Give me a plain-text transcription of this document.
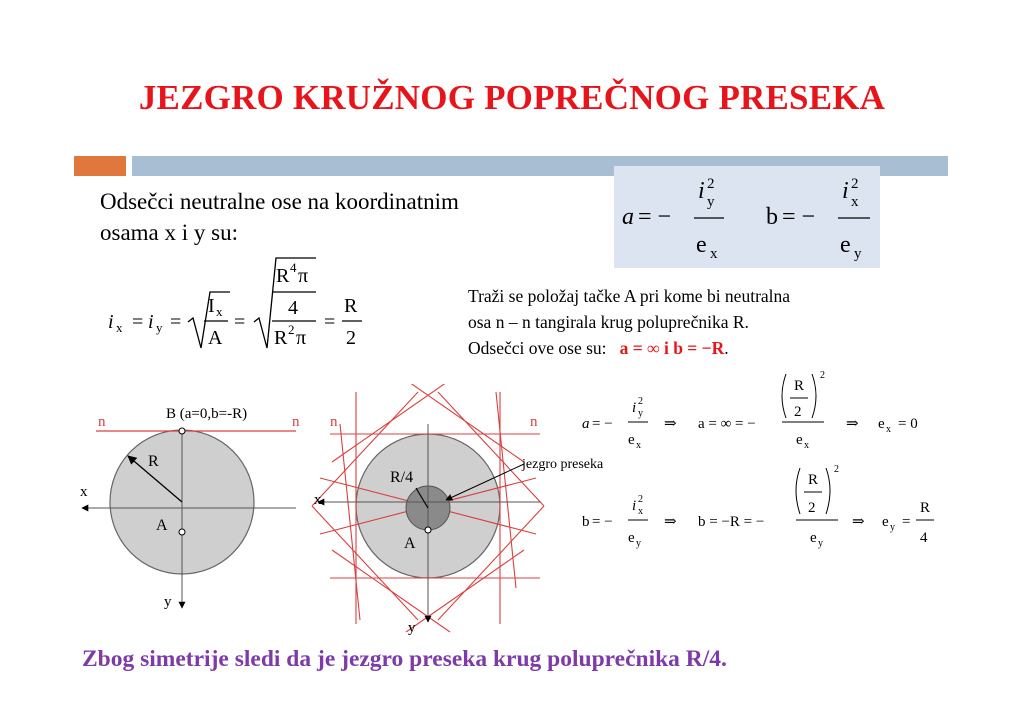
JEZGRO KRUŽNOG POPREČNOG PRESEKA
Odsečci neutralne ose na koordinatnim
osama x i y su:
i x = i y =
I x
A
=
R 4 π
4
R 2 π
=
R
2
a = −
i 2
y
e x
b = −
i 2
x
e y
Traži se položaj tačke A pri kome bi neutralna
osa n – n tangirala krug poluprečnika R.
Odsečci ove ose su: a = ∞ i b = −R.
a = −
i 2
y
e x
⇒ a = ∞ = −
R
2
2
e x
⇒ e x = 0
b = −
i 2
x
e y
⇒ b = −R = −
R
2
2
e y
⇒ e y =
R
4
n	n
B (a=0,b=-R)
R
A
x
y
n	n
R/4
jezgro preseka
A
x
y
Zbog simetrije sledi da je jezgro preseka krug poluprečnika R/4.
